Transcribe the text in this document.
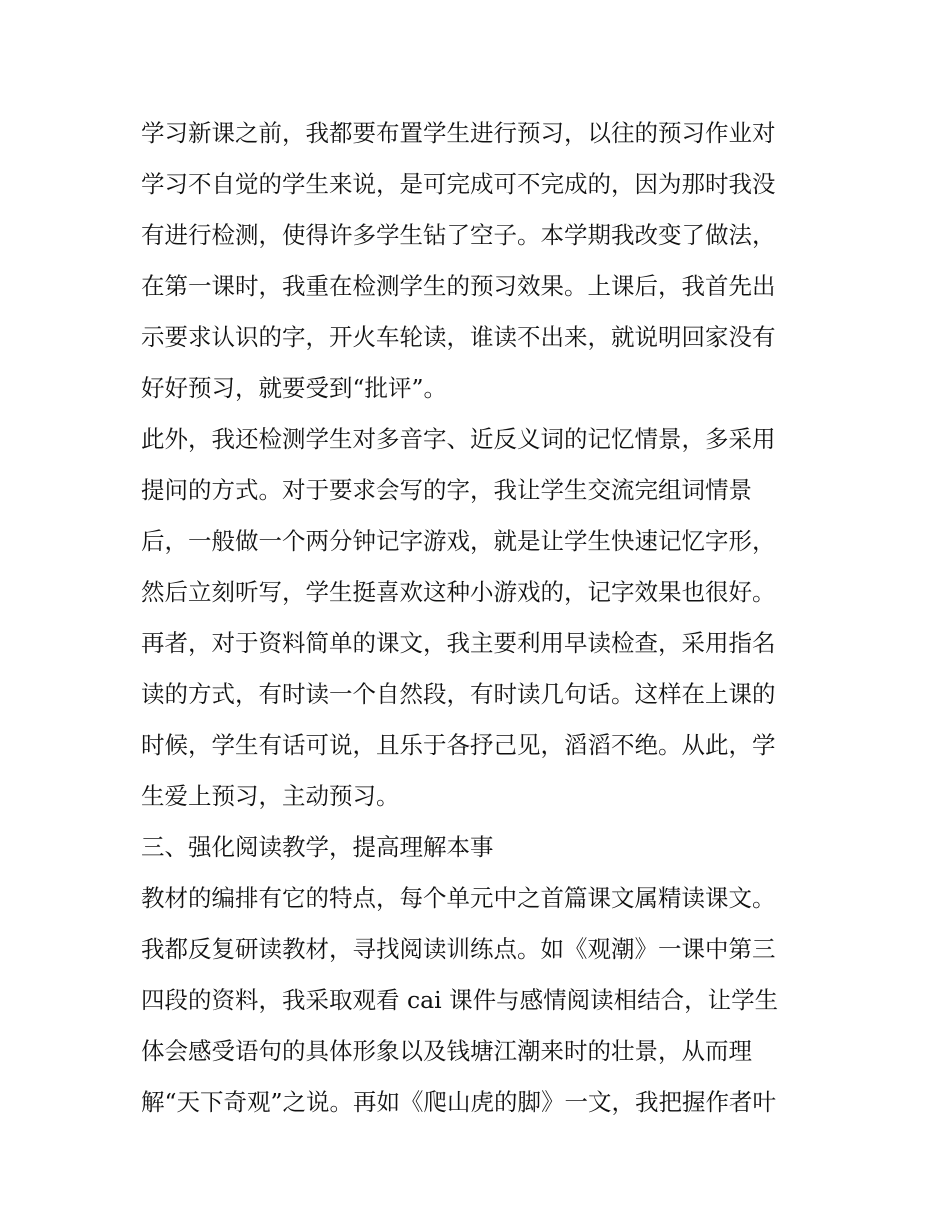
学习新课之前，我都要布置学生进行预习，以往的预习作业对
学习不自觉的学生来说，是可完成可不完成的，因为那时我没
有进行检测，使得许多学生钻了空子。本学期我改变了做法，
在第一课时，我重在检测学生的预习效果。上课后，我首先出
示要求认识的字，开火车轮读，谁读不出来，就说明回家没有
好好预习，就要受到“批评”。
此外，我还检测学生对多音字、近反义词的记忆情景，多采用
提问的方式。对于要求会写的字，我让学生交流完组词情景
后，一般做一个两分钟记字游戏，就是让学生快速记忆字形，
然后立刻听写，学生挺喜欢这种小游戏的，记字效果也很好。
再者，对于资料简单的课文，我主要利用早读检查，采用指名
读的方式，有时读一个自然段，有时读几句话。这样在上课的
时候，学生有话可说，且乐于各抒己见，滔滔不绝。从此，学
生爱上预习，主动预习。
三、强化阅读教学，提高理解本事
教材的编排有它的特点，每个单元中之首篇课文属精读课文。
我都反复研读教材，寻找阅读训练点。如《观潮》一课中第三
四段的资料，我采取观看 cai 课件与感情阅读相结合，让学生
体会感受语句的具体形象以及钱塘江潮来时的壮景，从而理
解“天下奇观”之说。再如《爬山虎的脚》一文，我把握作者叶
